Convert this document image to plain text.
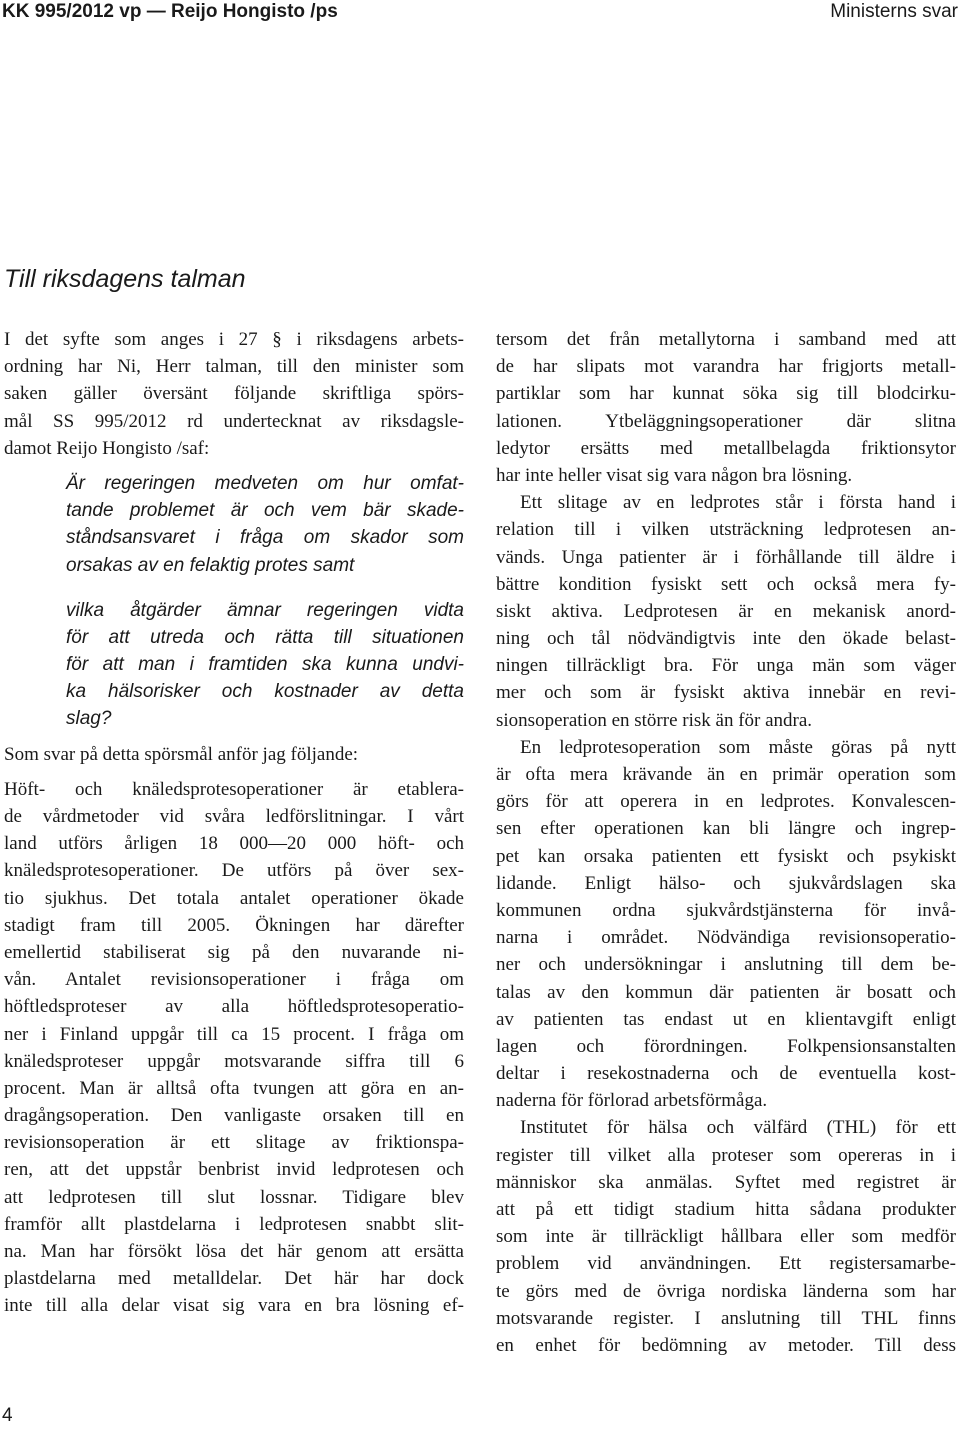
KK 995/2012 vp — Reijo Hongisto /ps	Ministerns svar
Till riksdagens talman
I det syfte som anges i 27 § i riksdagens arbets-
ordning har Ni, Herr talman, till den minister som
saken gäller översänt följande skriftliga spörs-
mål SS 995/2012 rd undertecknat av riksdagsle-
damot Reijo Hongisto /saf:
Är regeringen medveten om hur omfat-
tande problemet är och vem bär skade-
ståndsansvaret i fråga om skador som
orsakas av en felaktig protes samt
vilka åtgärder ämnar regeringen vidta
för att utreda och rätta till situationen
för att man i framtiden ska kunna undvi-
ka hälsorisker och kostnader av detta
slag?
Som svar på detta spörsmål anför jag följande:
Höft- och knäledsprotesoperationer är etablera-
de vårdmetoder vid svåra ledförslitningar. I vårt
land utförs årligen 18 000—20 000 höft- och
knäledsprotesoperationer. De utförs på över sex-
tio sjukhus. Det totala antalet operationer ökade
stadigt fram till 2005. Ökningen har därefter
emellertid stabiliserat sig på den nuvarande ni-
vån. Antalet revisionsoperationer i fråga om
höftledsproteser av alla höftledsprotesoperatio-
ner i Finland uppgår till ca 15 procent. I fråga om
knäledsproteser uppgår motsvarande siffra till 6
procent. Man är alltså ofta tvungen att göra en an-
dragångsoperation. Den vanligaste orsaken till en
revisionsoperation är ett slitage av friktionspa-
ren, att det uppstår benbrist invid ledprotesen och
att ledprotesen till slut lossnar. Tidigare blev
framför allt plastdelarna i ledprotesen snabbt slit-
na. Man har försökt lösa det här genom att ersätta
plastdelarna med metalldelar. Det här har dock
inte till alla delar visat sig vara en bra lösning ef-
tersom det från metallytorna i samband med att
de har slipats mot varandra har frigjorts metall-
partiklar som har kunnat söka sig till blodcirku-
lationen. Ytbeläggningsoperationer där slitna
ledytor ersätts med metallbelagda friktionsytor
har inte heller visat sig vara någon bra lösning.
Ett slitage av en ledprotes står i första hand i
relation till i vilken utsträckning ledprotesen an-
vänds. Unga patienter är i förhållande till äldre i
bättre kondition fysiskt sett och också mera fy-
siskt aktiva. Ledprotesen är en mekanisk anord-
ning och tål nödvändigtvis inte den ökade belast-
ningen tillräckligt bra. För unga män som väger
mer och som är fysiskt aktiva innebär en revi-
sionsoperation en större risk än för andra.
En ledprotesoperation som måste göras på nytt
är ofta mera krävande än en primär operation som
görs för att operera in en ledprotes. Konvalescen-
sen efter operationen kan bli längre och ingrep-
pet kan orsaka patienten ett fysiskt och psykiskt
lidande. Enligt hälso- och sjukvårdslagen ska
kommunen ordna sjukvårdstjänsterna för invå-
narna i området. Nödvändiga revisionsoperatio-
ner och undersökningar i anslutning till dem be-
talas av den kommun där patienten är bosatt och
av patienten tas endast ut en klientavgift enligt
lagen och förordningen. Folkpensionsanstalten
deltar i resekostnaderna och de eventuella kost-
naderna för förlorad arbetsförmåga.
Institutet för hälsa och välfärd (THL) för ett
register till vilket alla proteser som opereras in i
människor ska anmälas. Syftet med registret är
att på ett tidigt stadium hitta sådana produkter
som inte är tillräckligt hållbara eller som medför
problem vid användningen. Ett registersamarbe-
te görs med de övriga nordiska länderna som har
motsvarande register. I anslutning till THL finns
en enhet för bedömning av metoder. Till dess
4
